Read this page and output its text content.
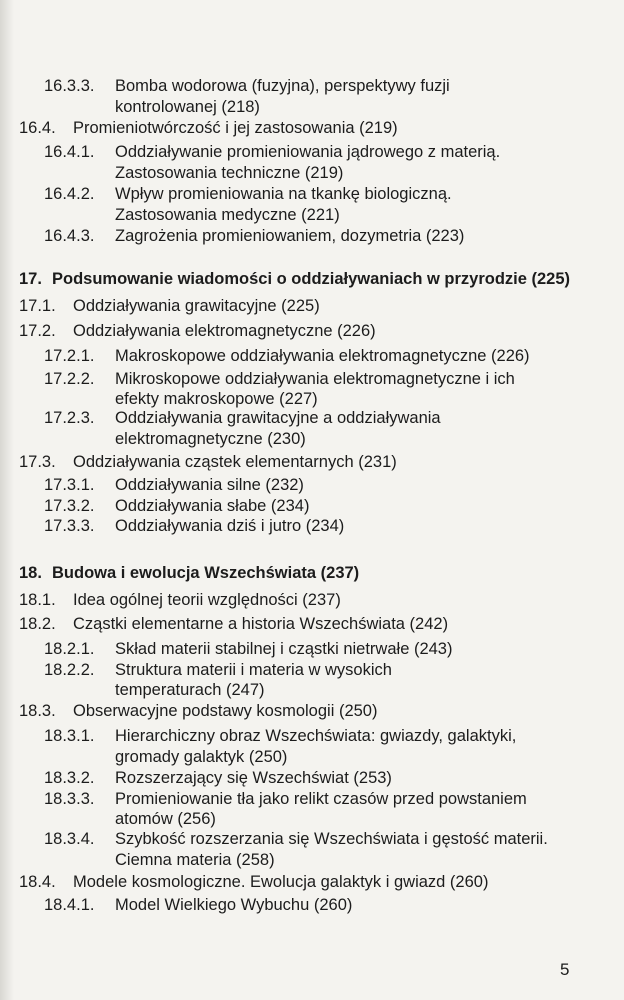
16.3.3. Bomba wodorowa (fuzyjna), perspektywy fuzji
kontrolowanej (218)
16.4. Promieniotwórczość i jej zastosowania (219)
16.4.1. Oddziaływanie promieniowania jądrowego z materią.
Zastosowania techniczne (219)
16.4.2. Wpływ promieniowania na tkankę biologiczną.
Zastosowania medyczne (221)
16.4.3. Zagrożenia promieniowaniem, dozymetria (223)
17. Podsumowanie wiadomości o oddziaływaniach w przyrodzie (225)
17.1. Oddziaływania grawitacyjne (225)
17.2. Oddziaływania elektromagnetyczne (226)
17.2.1. Makroskopowe oddziaływania elektromagnetyczne (226)
17.2.2. Mikroskopowe oddziaływania elektromagnetyczne i ich
efekty makroskopowe (227)
17.2.3. Oddziaływania grawitacyjne a oddziaływania
elektromagnetyczne (230)
17.3. Oddziaływania cząstek elementarnych (231)
17.3.1. Oddziaływania silne (232)
17.3.2. Oddziaływania słabe (234)
17.3.3. Oddziaływania dziś i jutro (234)
18. Budowa i ewolucja Wszechświata (237)
18.1. Idea ogólnej teorii względności (237)
18.2. Cząstki elementarne a historia Wszechświata (242)
18.2.1. Skład materii stabilnej i cząstki nietrwałe (243)
18.2.2. Struktura materii i materia w wysokich
temperaturach (247)
18.3. Obserwacyjne podstawy kosmologii (250)
18.3.1. Hierarchiczny obraz Wszechświata: gwiazdy, galaktyki,
gromady galaktyk (250)
18.3.2. Rozszerzający się Wszechświat (253)
18.3.3. Promieniowanie tła jako relikt czasów przed powstaniem
atomów (256)
18.3.4. Szybkość rozszerzania się Wszechświata i gęstość materii.
Ciemna materia (258)
18.4. Modele kosmologiczne. Ewolucja galaktyk i gwiazd (260)
18.4.1. Model Wielkiego Wybuchu (260)
5
